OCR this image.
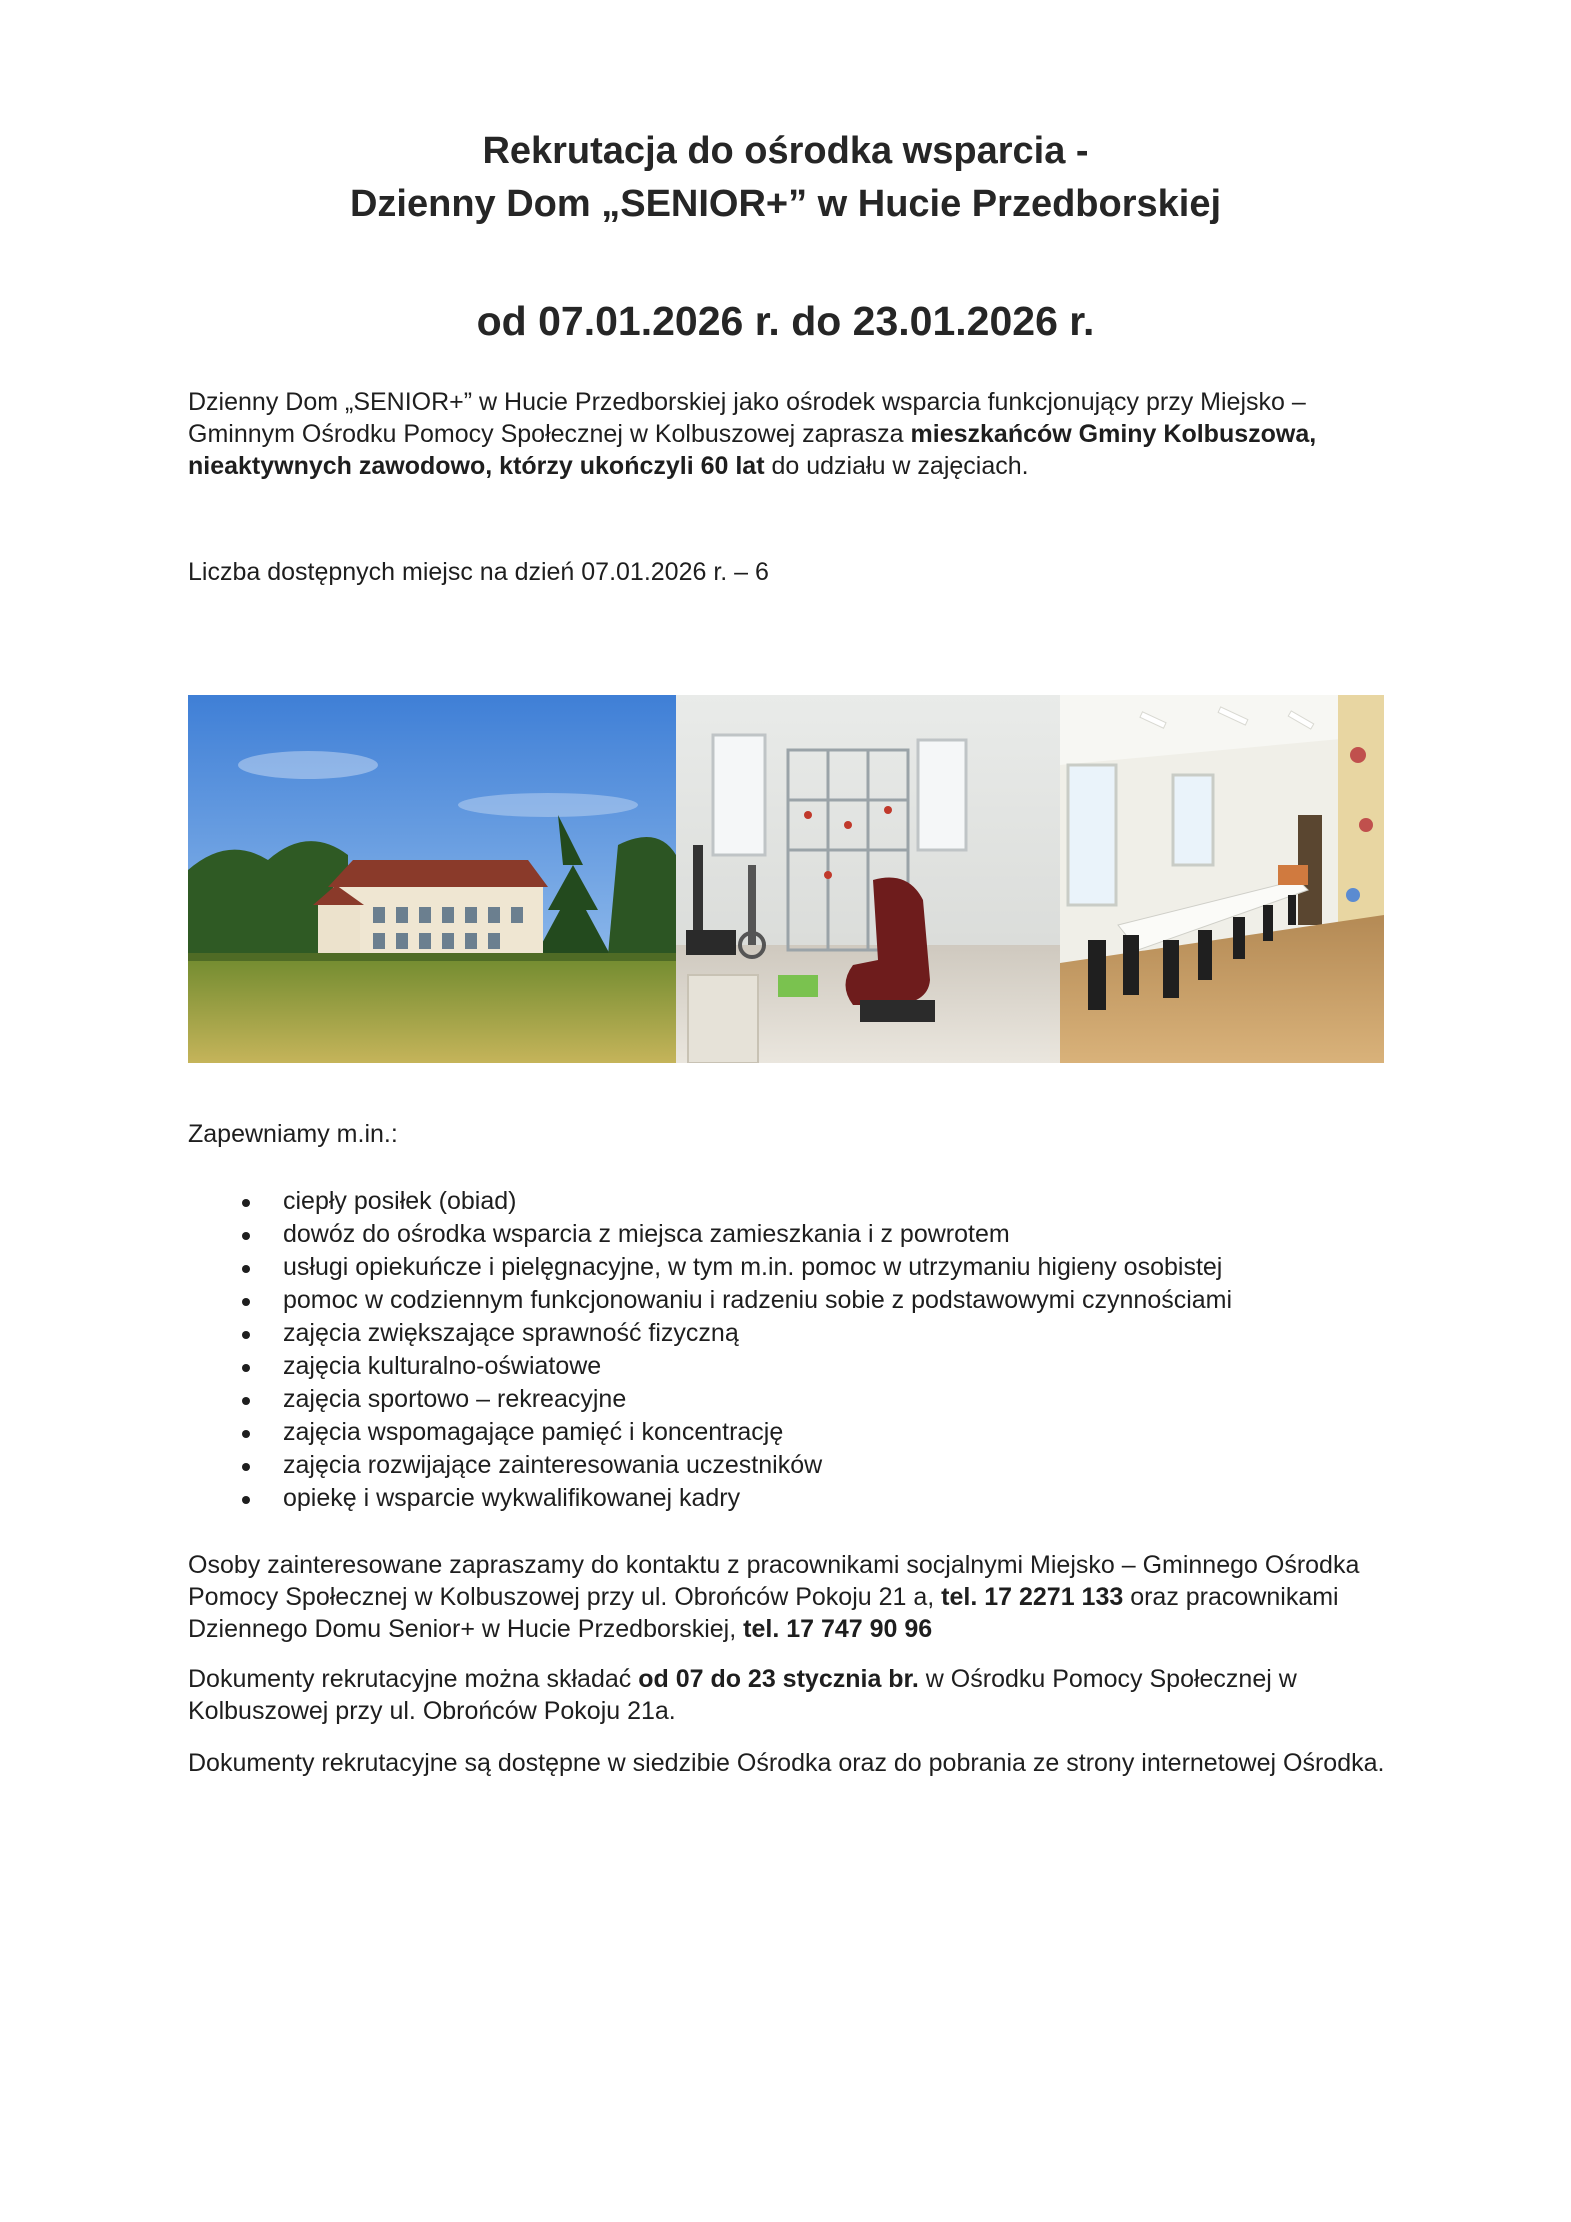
Rekrutacja do ośrodka wsparcia -
Dzienny Dom „SENIOR+” w Hucie Przedborskiej
od 07.01.2026 r. do 23.01.2026 r.
Dzienny Dom „SENIOR+” w Hucie Przedborskiej jako ośrodek wsparcia funkcjonujący przy Miejsko – Gminnym Ośrodku Pomocy Społecznej w Kolbuszowej zaprasza mieszkańców Gminy Kolbuszowa, nieaktywnych zawodowo, którzy ukończyli 60 lat do udziału w zajęciach.
Liczba dostępnych miejsc na dzień 07.01.2026 r. – 6
Zapewniamy m.in.:
ciepły posiłek (obiad)
dowóz do ośrodka wsparcia z miejsca zamieszkania i z powrotem
usługi opiekuńcze i pielęgnacyjne, w tym m.in. pomoc w utrzymaniu higieny osobistej
pomoc w codziennym funkcjonowaniu i radzeniu sobie z podstawowymi czynnościami
zajęcia zwiększające sprawność fizyczną
zajęcia kulturalno-oświatowe
zajęcia sportowo – rekreacyjne
zajęcia wspomagające pamięć i koncentrację
zajęcia rozwijające zainteresowania uczestników
opiekę i wsparcie wykwalifikowanej kadry
Osoby zainteresowane zapraszamy do kontaktu z pracownikami socjalnymi Miejsko – Gminnego Ośrodka Pomocy Społecznej w Kolbuszowej przy ul. Obrońców Pokoju 21 a, tel. 17 2271 133 oraz pracownikami Dziennego Domu Senior+ w Hucie Przedborskiej, tel. 17 747 90 96
Dokumenty rekrutacyjne można składać od 07 do 23 stycznia br. w Ośrodku Pomocy Społecznej w Kolbuszowej przy ul. Obrońców Pokoju 21a.
Dokumenty rekrutacyjne są dostępne w siedzibie Ośrodka oraz do pobrania ze strony internetowej Ośrodka.
